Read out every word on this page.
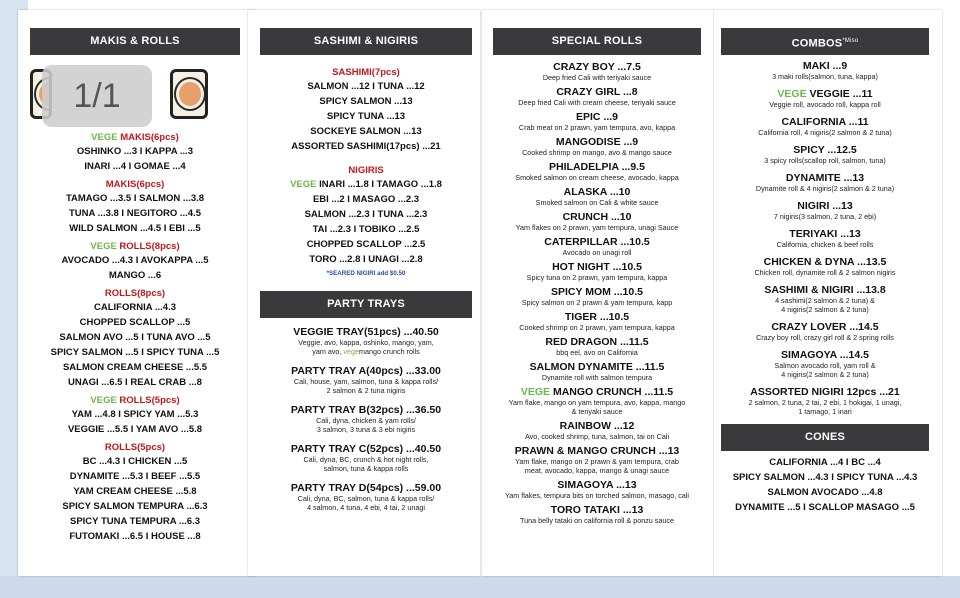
MAKIS & ROLLS
1/1
VEGE MAKIS(6pcs)
OSHINKO ...3 I KAPPA ...3
INARI ...4 I GOMAE ...4
MAKIS(6pcs)
TAMAGO ...3.5 I SALMON ...3.8
TUNA ...3.8 I NEGITORO ...4.5
WILD SALMON ...4.5 I EBI ...5
VEGE ROLLS(8pcs)
AVOCADO ...4.3 I AVOKAPPA ...5
MANGO ...6
ROLLS(8pcs)
CALIFORNIA ...4.3
CHOPPED SCALLOP ...5
SALMON AVO ...5 I TUNA AVO ...5
SPICY SALMON ...5 I SPICY TUNA ...5
SALMON CREAM CHEESE ...5.5
UNAGI ...6.5 I REAL CRAB ...8
VEGE ROLLS(5pcs)
YAM ...4.8 I SPICY YAM ...5.3
VEGGIE ...5.5 I YAM AVO ...5.8
ROLLS(5pcs)
BC ...4.3 I CHICKEN ...5
DYNAMITE ...5.3 I BEEF ...5.5
YAM CREAM CHEESE ...5.8
SPICY SALMON TEMPURA ...6.3
SPICY TUNA TEMPURA ...6.3
FUTOMAKI ...6.5 I HOUSE ...8
SASHIMI & NIGIRIS
SASHIMI(7pcs)
SALMON ...12 I TUNA ...12
SPICY SALMON ...13
SPICY TUNA ...13
SOCKEYE SALMON ...13
ASSORTED SASHIMI(17pcs) ...21
NIGIRIS
VEGE INARI ...1.8 I TAMAGO ...1.8
EBI ...2 I MASAGO ...2.3
SALMON ...2.3 I TUNA ...2.3
TAI ...2.3 I TOBIKO ...2.5
CHOPPED SCALLOP ...2.5
TORO ...2.8 I UNAGI ...2.8
*SEARED NIGIRI add $0.50
PARTY TRAYS
VEGGIE TRAY(51pcs) ...40.50
Veggie, avo, kappa, oshinko, mango, yam,
yam avo, vegemango crunch rolls
PARTY TRAY A(40pcs) ...33.00
Cali, house, yam, salmon, tuna & kappa rolls/
2 salmon & 2 tuna nigiris
PARTY TRAY B(32pcs) ...36.50
Cali, dyna, chicken & yam rolls/
3 salmon, 3 tuna & 3 ebi nigiris
PARTY TRAY C(52pcs) ...40.50
Cali, dyna, BC, crunch & hot night rolls,
salmon, tuna & kappa rolls
PARTY TRAY D(54pcs) ...59.00
Cali, dyna, BC, salmon, tuna & kappa rolls/
4 salmon, 4 tuna, 4 ebi, 4 tai, 2 unagi
SPECIAL ROLLS
CRAZY BOY ...7.5
Deep fried Cali with teriyaki sauce
CRAZY GIRL ...8
Deep fried Cali with cream cheese, teriyaki sauce
EPIC ...9
Crab meat on 2 prawn, yam tempura, avo, kappa
MANGODISE ...9
Cooked shrimp on mango, avo & mango sauce
PHILADELPIA ...9.5
Smoked salmon on cream cheese, avocado, kappa
ALASKA ...10
Smoked salmon on Cali & white sauce
CRUNCH ...10
Yam flakes on 2 prawn, yam tempura, unagi Sauce
CATERPILLAR ...10.5
Avocado on unagi roll
HOT NIGHT ...10.5
Spicy tuna on 2 prawn, yam tempura, kappa
SPICY MOM ...10.5
Spicy salmon on 2 prawn & yam tempura, kapp
TIGER ...10.5
Cooked shrimp on 2 prawn, yam tempura, kappa
RED DRAGON ...11.5
bbq eel, avo on California
SALMON DYNAMITE ...11.5
Dynamite roll with salmon tempura
VEGE MANGO CRUNCH ...11.5
Yam flake, mango on yam tempura, avo, kappa, mango
& teriyaki sauce
RAINBOW ...12
Avo, cooked shrimp, tuna, salmon, tai on Cali
PRAWN & MANGO CRUNCH ...13
Yam flake, mango on 2 prawn & yam tempura, crab
meat, avocado, kappa, mango & unagi sauce
SIMAGOYA ...13
Yam flakes, tempura bits on torched salmon, masago, cali
TORO TATAKI ...13
Tuna belly tataki on california roll & ponzu sauce
$COMBOS^{*Miso}$
MAKI ...9
3 maki rolls(salmon, tuna, kappa)
VEGE VEGGIE ...11
Veggie roll, avocado roll, kappa roll
CALIFORNIA ...11
California roll, 4 nigiris(2 salmon & 2 tuna)
SPICY ...12.5
3 spicy rolls(scallop roll, salmon, tuna)
DYNAMITE ...13
Dynamite roll & 4 nigiris(2 salmon & 2 tuna)
NIGIRI ...13
7 nigiris(3 salmon, 2 tuna, 2 ebi)
TERIYAKI ...13
California, chicken & beef rolls
CHICKEN & DYNA ...13.5
Chicken roll, dynamite roll & 2 salmon nigiris
SASHIMI & NIGIRI ...13.8
4 sashimi(2 salmon & 2 tuna) &
4 nigiris(2 salmon & 2 tuna)
CRAZY LOVER ...14.5
Crazy boy roll, crazy girl roll & 2 spring rolls
SIMAGOYA ...14.5
Salmon avocado roll, yam roll &
4 nigiris(2 salmon & 2 tuna)
ASSORTED NIGIRI 12pcs ...21
2 salmon, 2 tuna, 2 tai, 2 ebi, 1 hokigai, 1 unagi,
1 tamago, 1 inari
CONES
CALIFORNIA ...4 I BC ...4
SPICY SALMON ...4.3 I SPICY TUNA ...4.3
SALMON AVOCADO ...4.8
DYNAMITE ...5 I SCALLOP MASAGO ...5
